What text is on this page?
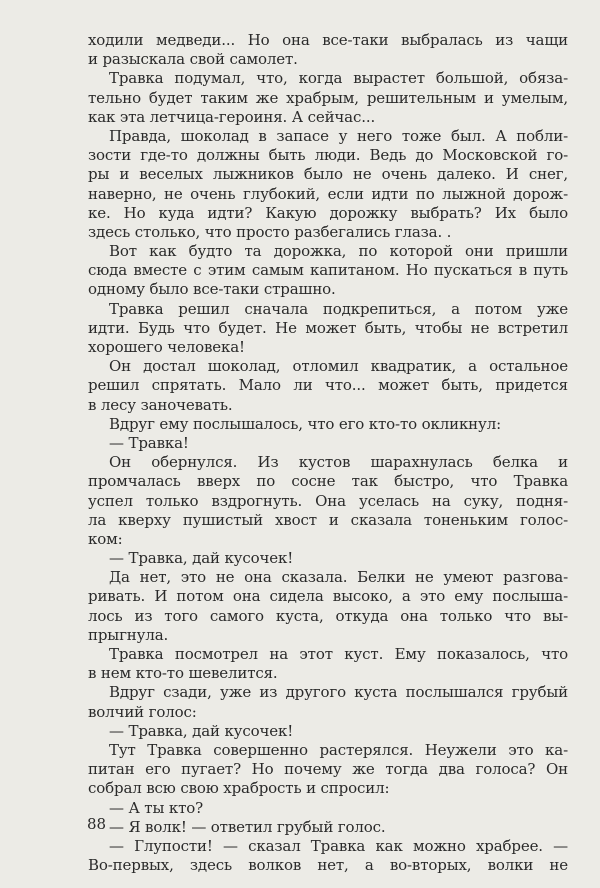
ходили медведи... Но она все-таки выбралась из чащи
и разыскала свой самолет.
Травка подумал, что, когда вырастет большой, обяза-
тельно будет таким же храбрым, решительным и умелым,
как эта летчица-героиня. А сейчас...
Правда, шоколад в запасе у него тоже был. А побли-
зости где-то должны быть люди. Ведь до Московской го-
ры и веселых лыжников было не очень далеко. И снег,
наверно, не очень глубокий, если идти по лыжной дорож-
ке. Но куда идти? Какую дорожку выбрать? Их было
здесь столько, что просто разбегались глаза. .
Вот как будто та дорожка, по которой они пришли
сюда вместе с этим самым капитаном. Но пускаться в путь
одному было все-таки страшно.
Травка решил сначала подкрепиться, а потом уже
идти. Будь что будет. Не может быть, чтобы не встретил
хорошего человека!
Он достал шоколад, отломил квадратик, а остальное
решил спрятать. Мало ли что... может быть, придется
в лесу заночевать.
Вдруг ему послышалось, что его кто-то окликнул:
— Травка!
Он обернулся. Из кустов шарахнулась белка и
промчалась вверх по сосне так быстро, что Травка
успел только вздрогнуть. Она уселась на суку, подня-
ла кверху пушистый хвост и сказала тоненьким голос-
ком:
— Травка, дай кусочек!
Да нет, это не она сказала. Белки не умеют разгова-
ривать. И потом она сидела высоко, а это ему послышa-
лось из того самого куста, откуда она только что вы-
прыгнула.
Травка посмотрел на этот куст. Ему показалось, что
в нем кто-то шевелится.
Вдруг сзади, уже из другого куста послышался грубый
волчий голос:
— Травка, дай кусочек!
Тут Травка совершенно растерялся. Неужели это ка-
питан его пугает? Но почему же тогда два голоса? Он
собрал всю свою храбрость и спросил:
— А ты кто?
— Я волк! — ответил грубый голос.
— Глупости! — сказал Травка как можно храбрее. —
Во-первых, здесь волков нет, а во-вторых, волки не
88
